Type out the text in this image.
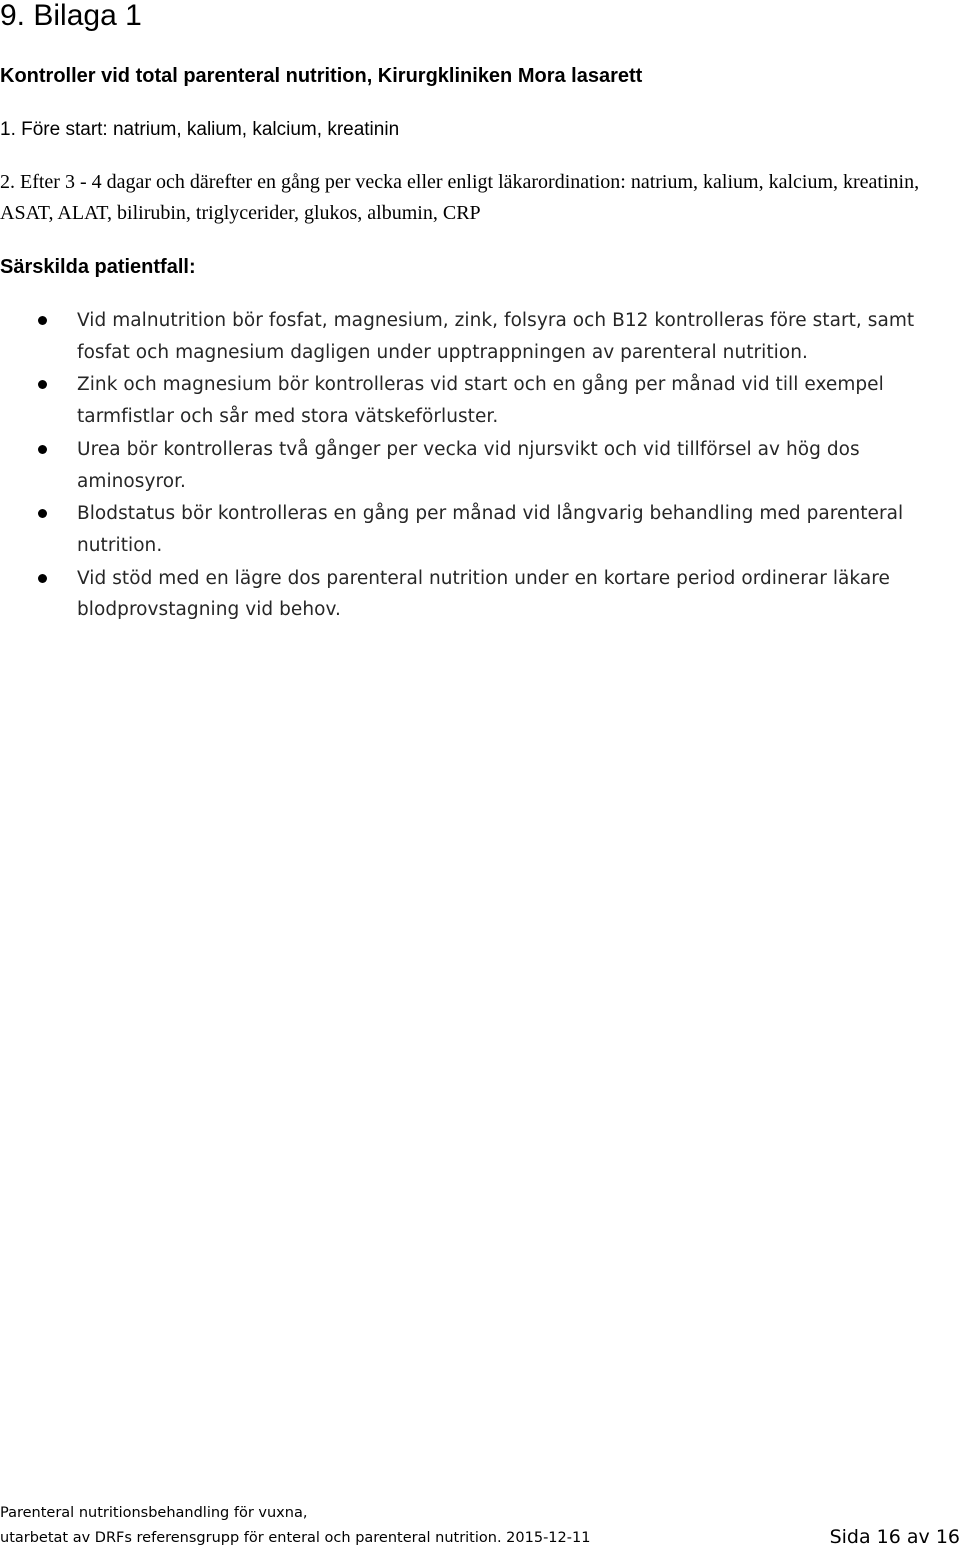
9. Bilaga 1

Kontroller vid total parenteral nutrition, Kirurgkliniken Mora lasarett

1. Före start: natrium, kalium, kalcium, kreatinin

2. Efter 3 - 4 dagar och därefter en gång per vecka eller enligt läkarordination: natrium, kalium, kalcium, kreatinin, ASAT, ALAT, bilirubin, triglycerider, glukos, albumin, CRP

Särskilda patientfall:

Vid malnutrition bör fosfat, magnesium, zink, folsyra och B12 kontrolleras före start, samt fosfat och magnesium dagligen under upptrappningen av parenteral nutrition.
Zink och magnesium bör kontrolleras vid start och en gång per månad vid till exempel tarmfistlar och sår med stora vätskeförluster.
Urea bör kontrolleras två gånger per vecka vid njursvikt och vid tillförsel av hög dos aminosyror.
Blodstatus bör kontrolleras en gång per månad vid långvarig behandling med parenteral nutrition.
Vid stöd med en lägre dos parenteral nutrition under en kortare period ordinerar läkare blodprovstagning vid behov.

Parenteral nutritionsbehandling för vuxna,

utarbetat av DRFs referensgrupp för enteral och parenteral nutrition. 2015-12-11	Sida 16 av 16
